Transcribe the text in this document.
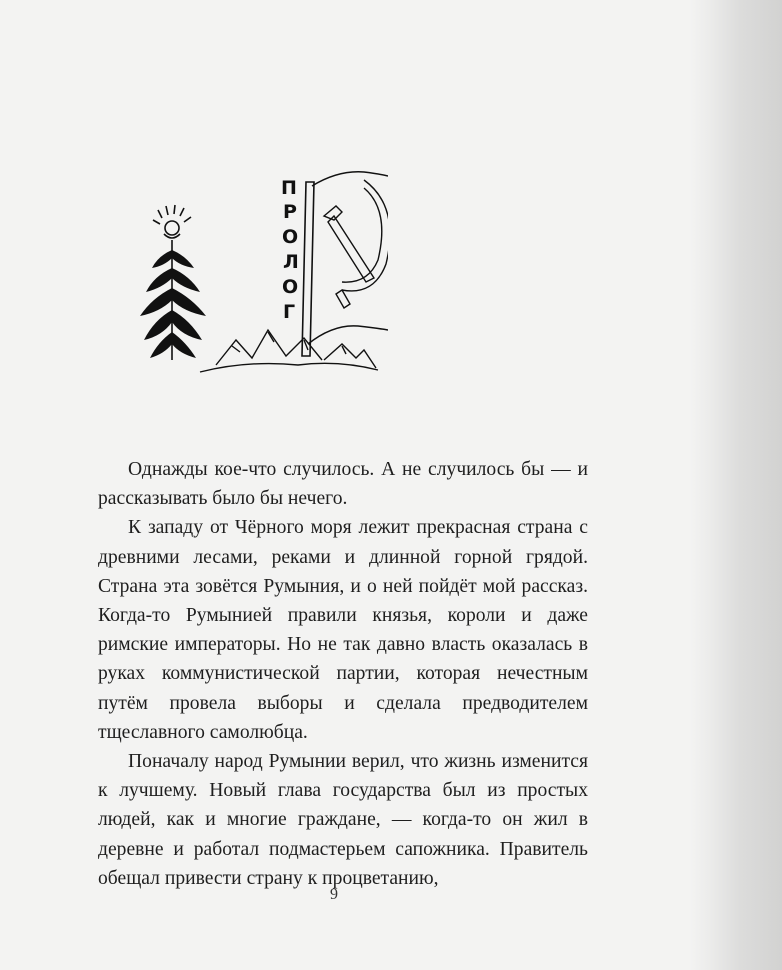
П
Р
О
Л
О
Г

Однажды кое-что случилось. А не случилось бы — и рассказывать было бы нечего.

К западу от Чёрного моря лежит прекрасная страна с древними лесами, реками и длинной горной грядой. Страна эта зовётся Румыния, и о ней пойдёт мой рассказ. Когда-то Румынией правили князья, короли и даже римские императоры. Но не так давно власть оказалась в руках коммунистической партии, которая нечестным путём провела выборы и сделала предводителем тщеславного самолюбца.

Поначалу народ Румынии верил, что жизнь изменится к лучшему. Новый глава государства был из простых людей, как и многие граждане, — когда-то он жил в деревне и работал подмастерьем сапожника. Правитель обещал привести страну к процветанию,

9
